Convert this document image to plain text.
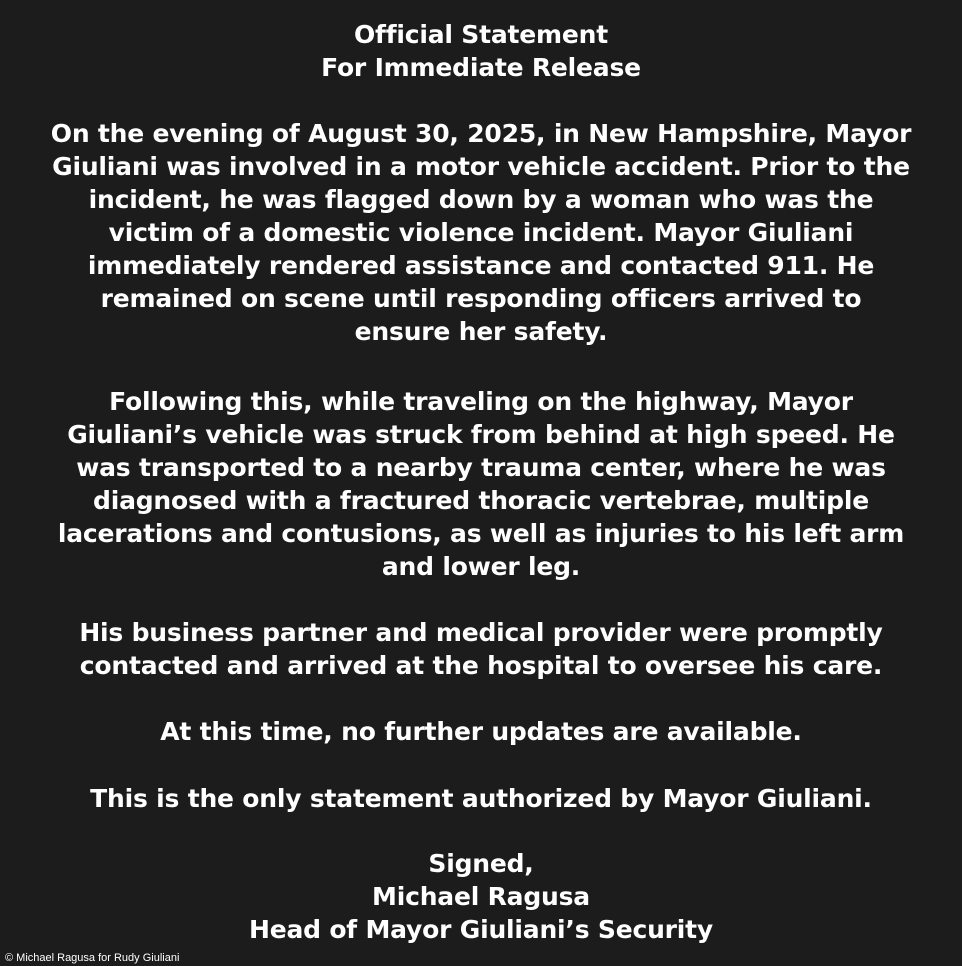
Official Statement
For Immediate Release
On the evening of August 30, 2025, in New Hampshire, Mayor
Giuliani was involved in a motor vehicle accident. Prior to the
incident, he was flagged down by a woman who was the
victim of a domestic violence incident. Mayor Giuliani
immediately rendered assistance and contacted 911. He
remained on scene until responding officers arrived to
ensure her safety.
Following this, while traveling on the highway, Mayor
Giuliani’s vehicle was struck from behind at high speed. He
was transported to a nearby trauma center, where he was
diagnosed with a fractured thoracic vertebrae, multiple
lacerations and contusions, as well as injuries to his left arm
and lower leg.
His business partner and medical provider were promptly
contacted and arrived at the hospital to oversee his care.
At this time, no further updates are available.
This is the only statement authorized by Mayor Giuliani.
Signed,
Michael Ragusa
Head of Mayor Giuliani’s Security
© Michael Ragusa for Rudy Giuliani
